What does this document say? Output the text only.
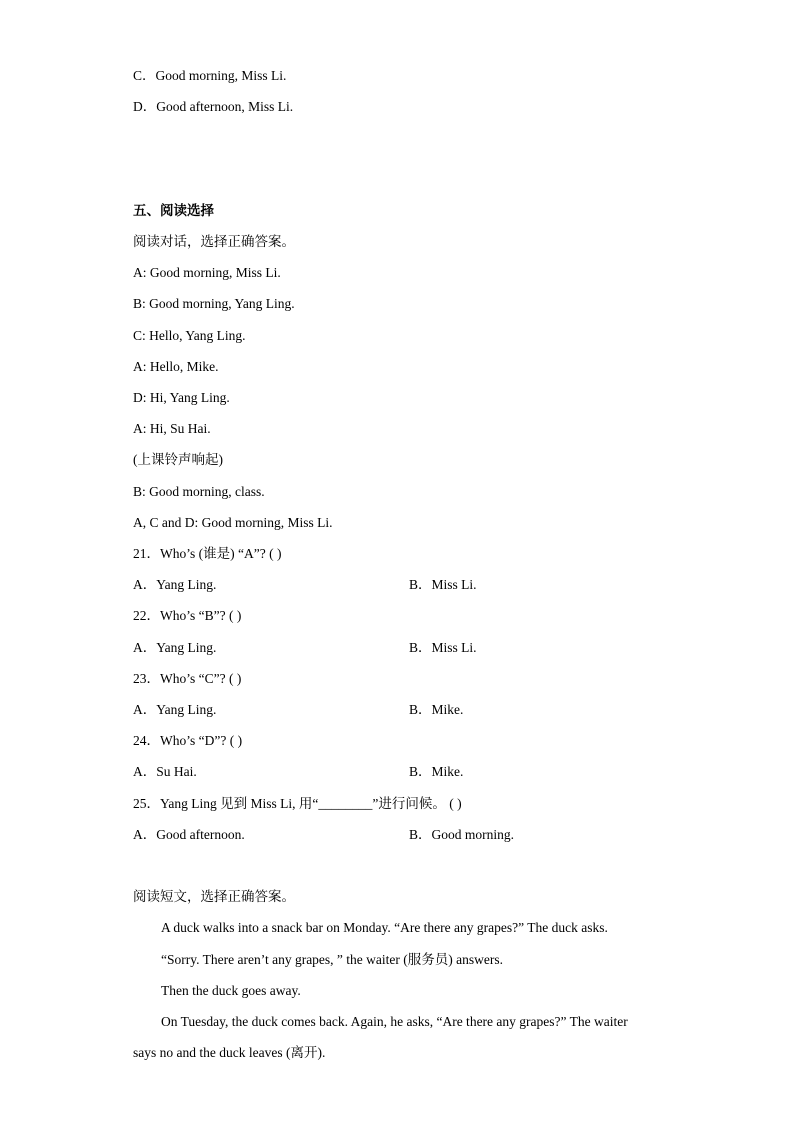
C．Good morning, Miss Li.
D．Good afternoon, Miss Li.
五、阅读选择
阅读对话，选择正确答案。
A: Good morning, Miss Li.
B: Good morning, Yang Ling.
C: Hello, Yang Ling.
A: Hello, Mike.
D: Hi, Yang Ling.
A: Hi, Su Hai.
(上课铃声响起)
B: Good morning, class.
A, C and D: Good morning, Miss Li.
21．Who’s (谁是) “A”? ( )
A．Yang Ling.	B．Miss Li.
22．Who’s “B”? ( )
A．Yang Ling.	B．Miss Li.
23．Who’s “C”? ( )
A．Yang Ling.	B．Mike.
24．Who’s “D”? ( )
A．Su Hai.	B．Mike.
25．Yang Ling 见到 Miss Li, 用“________”进行问候。 ( )
A．Good afternoon.	B．Good morning.
阅读短文，选择正确答案。
A duck walks into a snack bar on Monday. “Are there any grapes?” The duck asks.
“Sorry. There aren’t any grapes, ” the waiter (服务员) answers.
Then the duck goes away.
On Tuesday, the duck comes back. Again, he asks, “Are there any grapes?” The waiter
says no and the duck leaves (离开).
